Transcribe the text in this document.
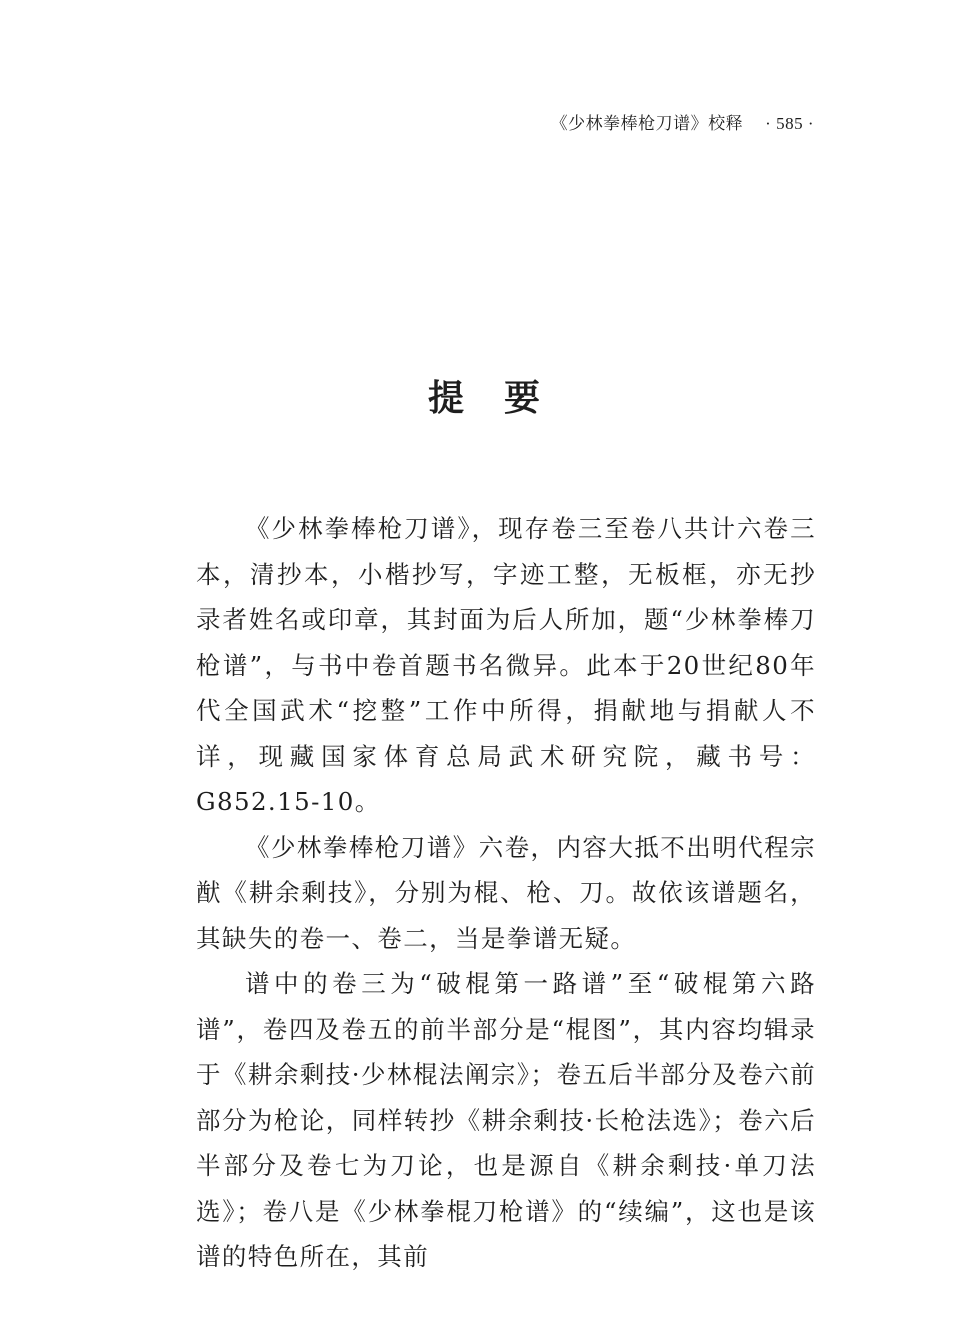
《少林拳棒枪刀谱》校释 · 585 ·
提要

《少林拳棒枪刀谱》，现存卷三至卷八共计六卷三本，清抄本，小楷抄写，字迹工整，无板框，亦无抄录者姓名或印章，其封面为后人所加，题“少林拳棒刀枪谱”，与书中卷首题书名微异。此本于20世纪80年代全国武术“挖整”工作中所得，捐献地与捐献人不详，现藏国家体育总局武术研究院，藏书号：G852.15-10。

《少林拳棒枪刀谱》六卷，内容大抵不出明代程宗猷《耕余剩技》，分别为棍、枪、刀。故依该谱题名，其缺失的卷一、卷二，当是拳谱无疑。

谱中的卷三为“破棍第一路谱”至“破棍第六路谱”，卷四及卷五的前半部分是“棍图”，其内容均辑录于《耕余剩技·少林棍法阐宗》；卷五后半部分及卷六前部分为枪论，同样转抄《耕余剩技·长枪法选》；卷六后半部分及卷七为刀论，也是源自《耕余剩技·单刀法选》；卷八是《少林拳棍刀枪谱》的“续编”，这也是该谱的特色所在，其前
